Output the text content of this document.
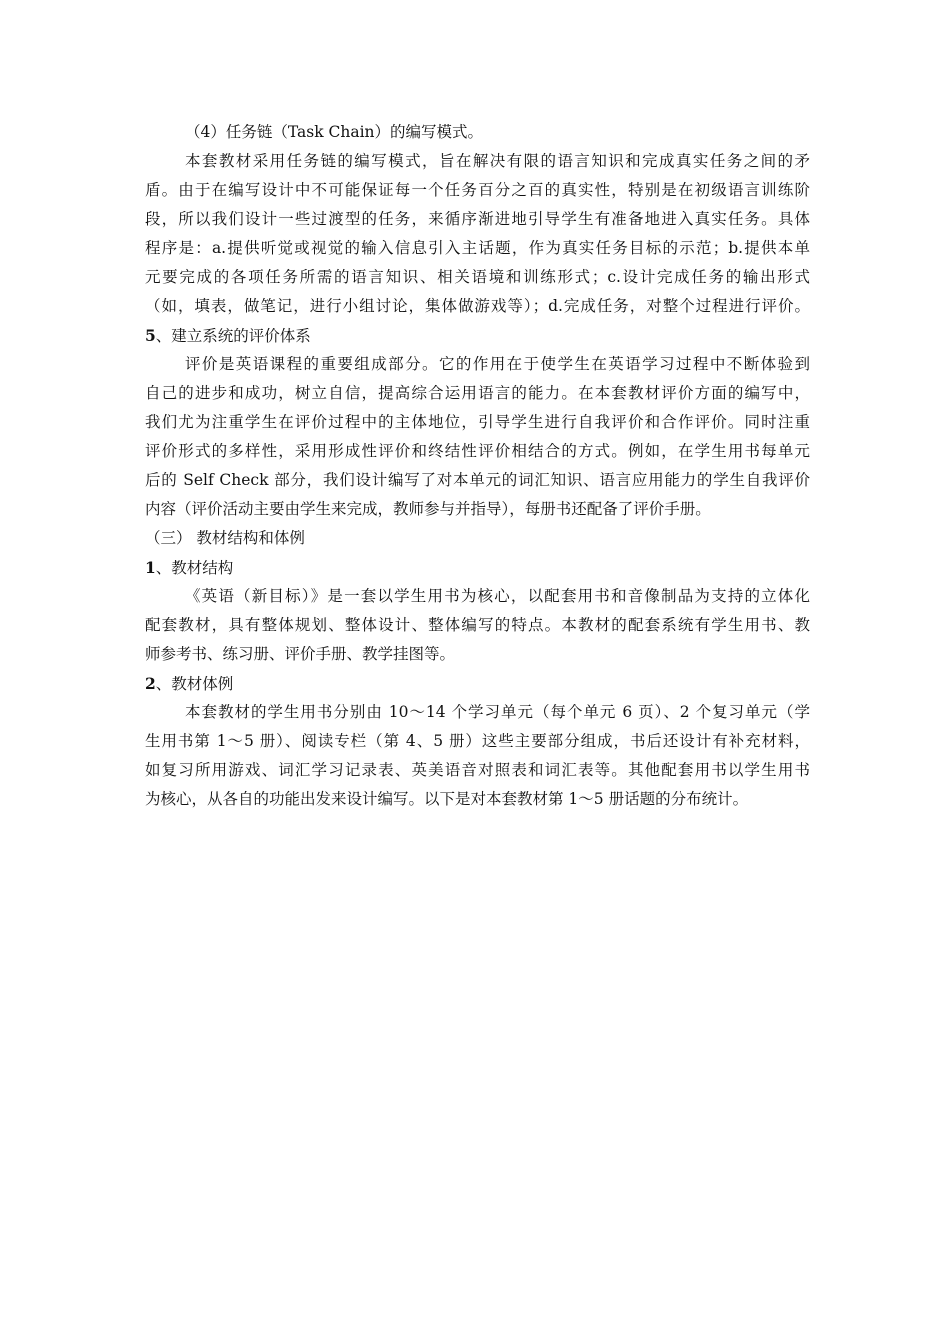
（4）任务链（Task Chain）的编写模式。
本套教材采用任务链的编写模式，旨在解决有限的语言知识和完成真实任务之间的矛
盾。由于在编写设计中不可能保证每一个任务百分之百的真实性，特别是在初级语言训练阶
段，所以我们设计一些过渡型的任务，来循序渐进地引导学生有准备地进入真实任务。具体
程序是：a.提供听觉或视觉的输入信息引入主话题，作为真实任务目标的示范；b.提供本单
元要完成的各项任务所需的语言知识、相关语境和训练形式；c.设计完成任务的输出形式
（如，填表，做笔记，进行小组讨论，集体做游戏等）；d.完成任务，对整个过程进行评价。
5、建立系统的评价体系
评价是英语课程的重要组成部分。它的作用在于使学生在英语学习过程中不断体验到
自己的进步和成功，树立自信，提高综合运用语言的能力。在本套教材评价方面的编写中，
我们尤为注重学生在评价过程中的主体地位，引导学生进行自我评价和合作评价。同时注重
评价形式的多样性，采用形成性评价和终结性评价相结合的方式。例如，在学生用书每单元
后的 Self Check 部分，我们设计编写了对本单元的词汇知识、语言应用能力的学生自我评价
内容（评价活动主要由学生来完成，教师参与并指导），每册书还配备了评价手册。
（三） 教材结构和体例
1、教材结构
《英语（新目标）》是一套以学生用书为核心，以配套用书和音像制品为支持的立体化
配套教材，具有整体规划、整体设计、整体编写的特点。本教材的配套系统有学生用书、教
师参考书、练习册、评价手册、教学挂图等。
2、教材体例
本套教材的学生用书分别由 10～14 个学习单元（每个单元 6 页）、2 个复习单元（学
生用书第 1～5 册）、阅读专栏（第 4、5 册）这些主要部分组成，书后还设计有补充材料，
如复习所用游戏、词汇学习记录表、英美语音对照表和词汇表等。其他配套用书以学生用书
为核心，从各自的功能出发来设计编写。以下是对本套教材第 1～5 册话题的分布统计。
